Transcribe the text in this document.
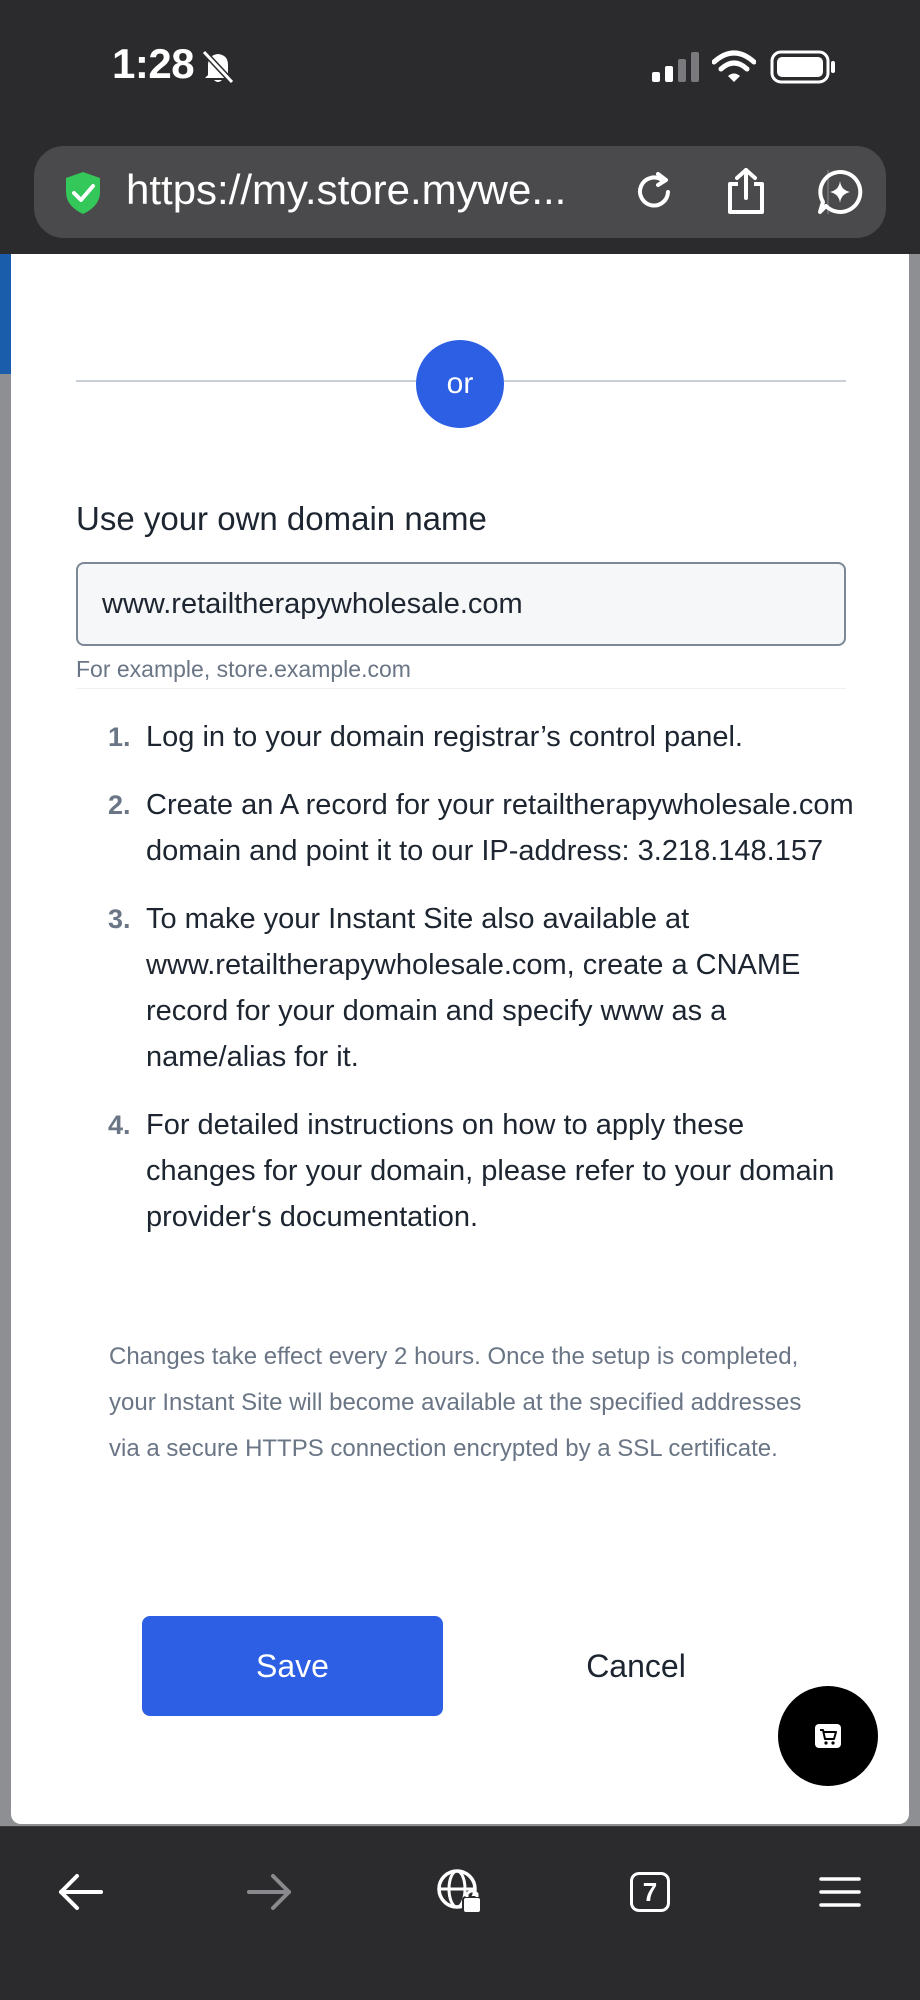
1:28
https://my.store.mywe...
or
Use your own domain name
www.retailtherapywholesale.com
For example, store.example.com
1. Log in to your domain registrar’s control panel.
2. Create an A record for your retailtherapywholesale.com domain and point it to our IP-address: 3.218.148.157
3. To make your Instant Site also available at www.retailtherapywholesale.com, create a CNAME record for your domain and specify www as a name/alias for it.
4. For detailed instructions on how to apply these changes for your domain, please refer to your domain provider‘s documentation.
Changes take effect every 2 hours. Once the setup is completed, your Instant Site will become available at the specified addresses via a secure HTTPS connection encrypted by a SSL certificate.
Save	Cancel
7
